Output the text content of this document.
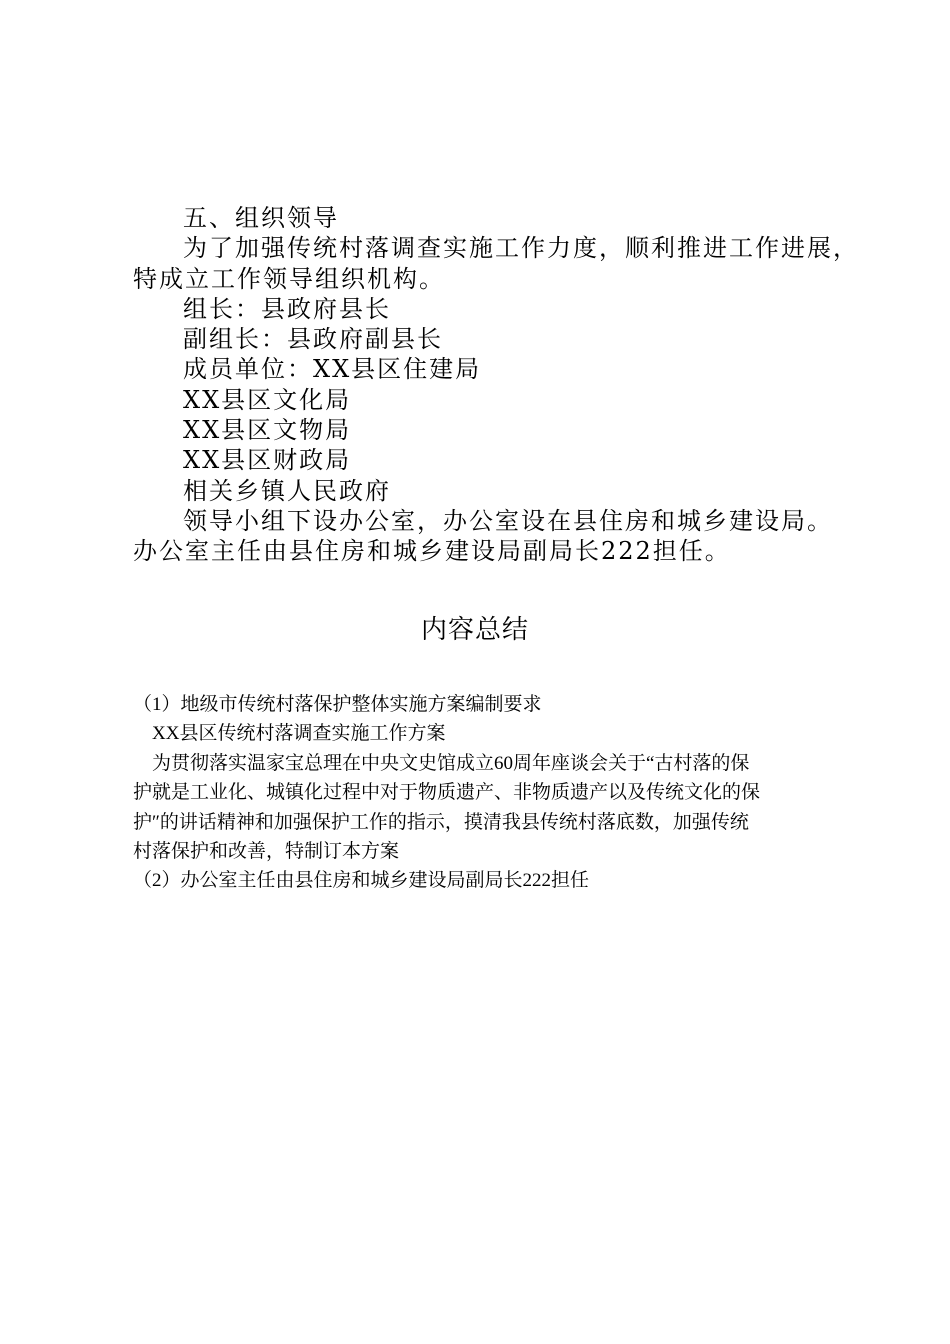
五、组织领导
为了加强传统村落调查实施工作力度，顺利推进工作进展，
特成立工作领导组织机构。
组长：县政府县长
副组长：县政府副县长
成员单位：XX县区住建局
XX县区文化局
XX县区文物局
XX县区财政局
相关乡镇人民政府
领导小组下设办公室，办公室设在县住房和城乡建设局。
办公室主任由县住房和城乡建设局副局长222担任。
内容总结
（1）地级市传统村落保护整体实施方案编制要求
XX县区传统村落调查实施工作方案
为贯彻落实温家宝总理在中央文史馆成立60周年座谈会关于“古村落的保
护就是工业化、城镇化过程中对于物质遗产、非物质遗产以及传统文化的保
护″的讲话精神和加强保护工作的指示，摸清我县传统村落底数，加强传统
村落保护和改善，特制订本方案
（2）办公室主任由县住房和城乡建设局副局长222担任
